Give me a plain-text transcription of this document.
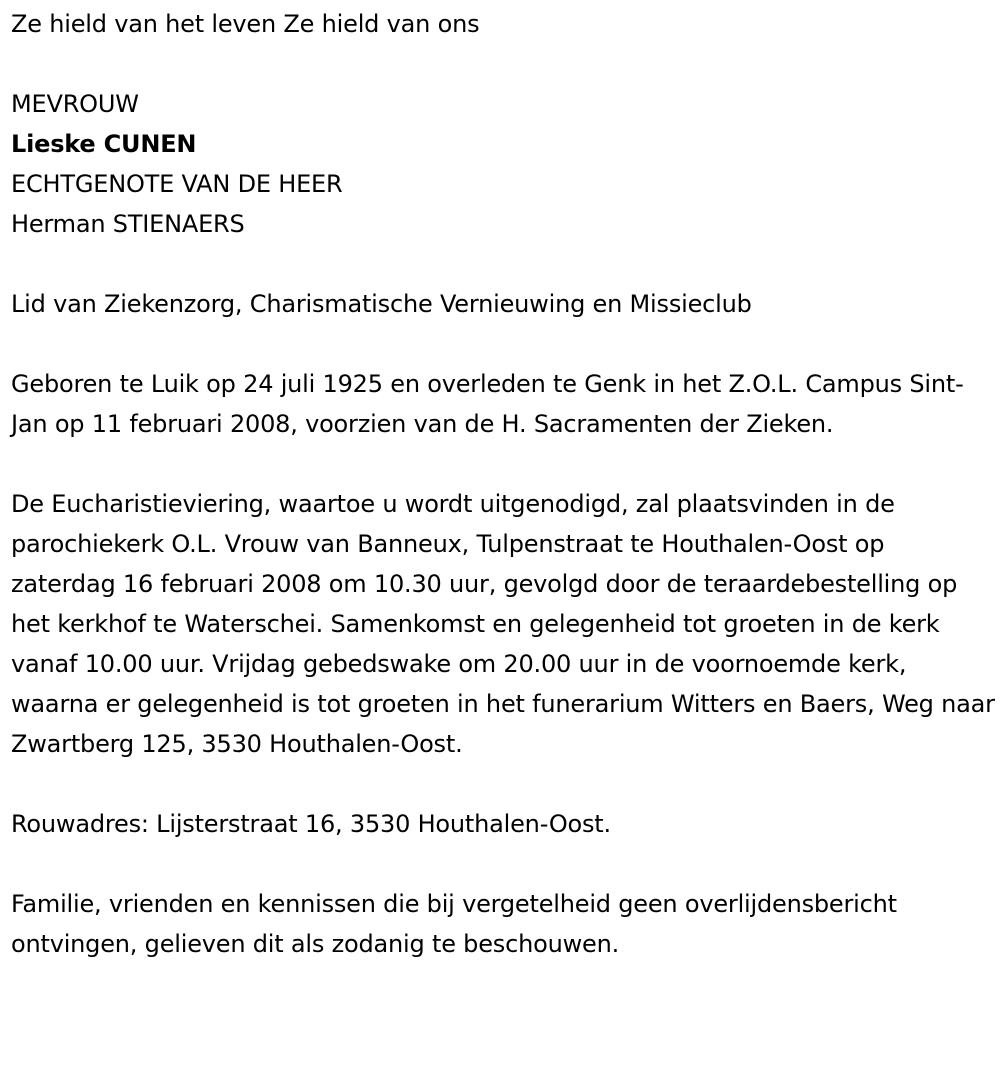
Ze hield van het leven Ze hield van ons

MEVROUW

Lieske CUNEN

ECHTGENOTE VAN DE HEER

Herman STIENAERS

Lid van Ziekenzorg, Charismatische Vernieuwing en Missieclub

Geboren te Luik op 24 juli 1925 en overleden te Genk in het Z.O.L. Campus Sint-Jan op 11 februari 2008, voorzien van de H. Sacramenten der Zieken.

De Eucharistieviering, waartoe u wordt uitgenodigd, zal plaatsvinden in de parochiekerk O.L. Vrouw van Banneux, Tulpenstraat te Houthalen-Oost op zaterdag 16 februari 2008 om 10.30 uur, gevolgd door de teraardebestelling op het kerkhof te Waterschei. Samenkomst en gelegenheid tot groeten in de kerk vanaf 10.00 uur. Vrijdag gebedswake om 20.00 uur in de voornoemde kerk, waarna er gelegenheid is tot groeten in het funerarium Witters en Baers, Weg naar Zwartberg 125, 3530 Houthalen-Oost.

Rouwadres: Lijsterstraat 16, 3530 Houthalen-Oost.

Familie, vrienden en kennissen die bij vergetelheid geen overlijdensbericht ontvingen, gelieven dit als zodanig te beschouwen.
